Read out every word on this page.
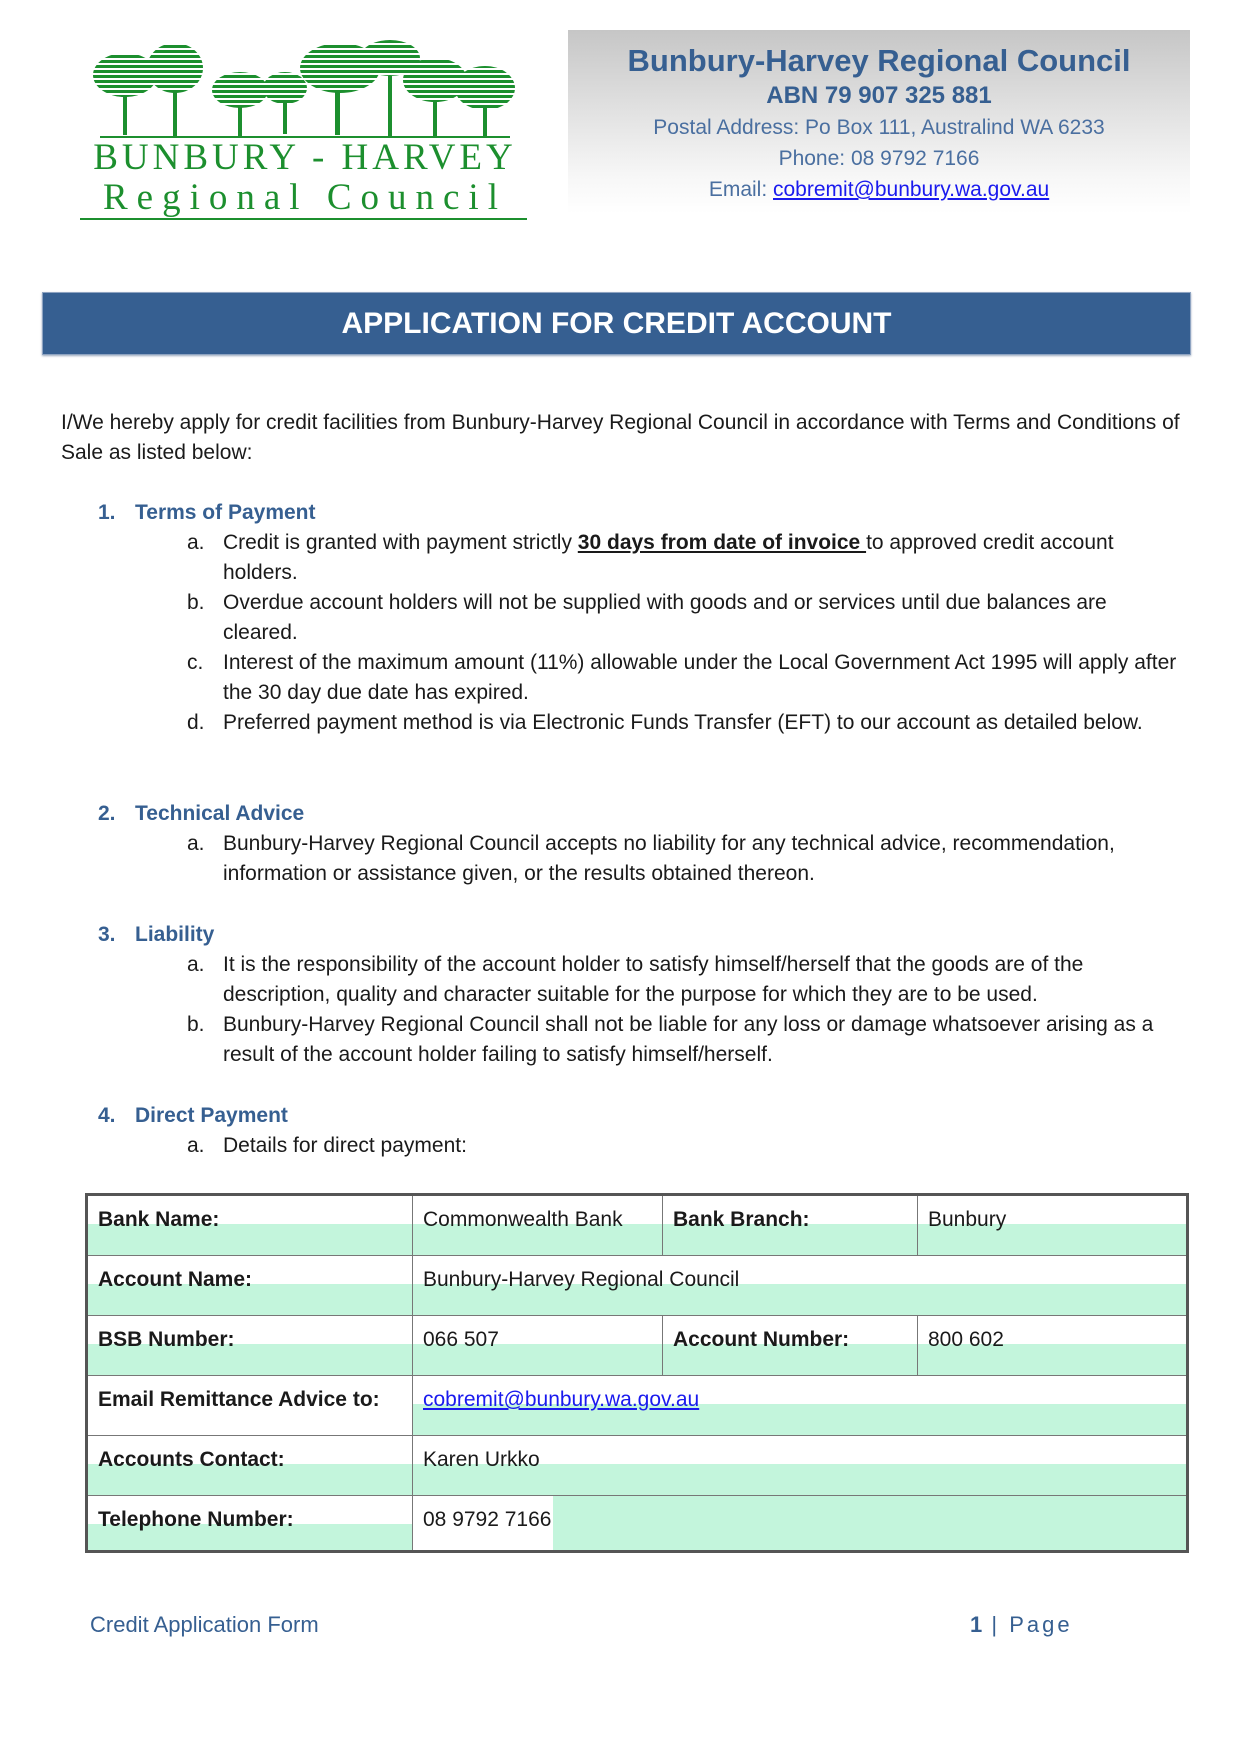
BUNBURY - HARVEY
Regional Council
Bunbury-Harvey Regional Council
ABN 79 907 325 881
Postal Address: Po Box 111, Australind WA 6233
Phone: 08 9792 7166
Email: cobremit@bunbury.wa.gov.au
APPLICATION FOR CREDIT ACCOUNT
I/We hereby apply for credit facilities from Bunbury-Harvey Regional Council in accordance with Terms and Conditions of Sale as listed below:
1. Terms of Payment
a. Credit is granted with payment strictly 30 days from date of invoice to approved credit account holders.
b. Overdue account holders will not be supplied with goods and or services until due balances are cleared.
c. Interest of the maximum amount (11%) allowable under the Local Government Act 1995 will apply after the 30 day due date has expired.
d. Preferred payment method is via Electronic Funds Transfer (EFT) to our account as detailed below.
2. Technical Advice
a. Bunbury-Harvey Regional Council accepts no liability for any technical advice, recommendation, information or assistance given, or the results obtained thereon.
3. Liability
a. It is the responsibility of the account holder to satisfy himself/herself that the goods are of the description, quality and character suitable for the purpose for which they are to be used.
b. Bunbury-Harvey Regional Council shall not be liable for any loss or damage whatsoever arising as a result of the account holder failing to satisfy himself/herself.
4. Direct Payment
a. Details for direct payment:
Bank Name:	Commonwealth Bank	Bank Branch:	Bunbury
Account Name:	Bunbury-Harvey Regional Council
BSB Number:	066 507	Account Number:	800 602
Email Remittance Advice to:	cobremit@bunbury.wa.gov.au
Accounts Contact:	Karen Urkko
Telephone Number:	08 9792 7166
Credit Application Form	1 | Page
